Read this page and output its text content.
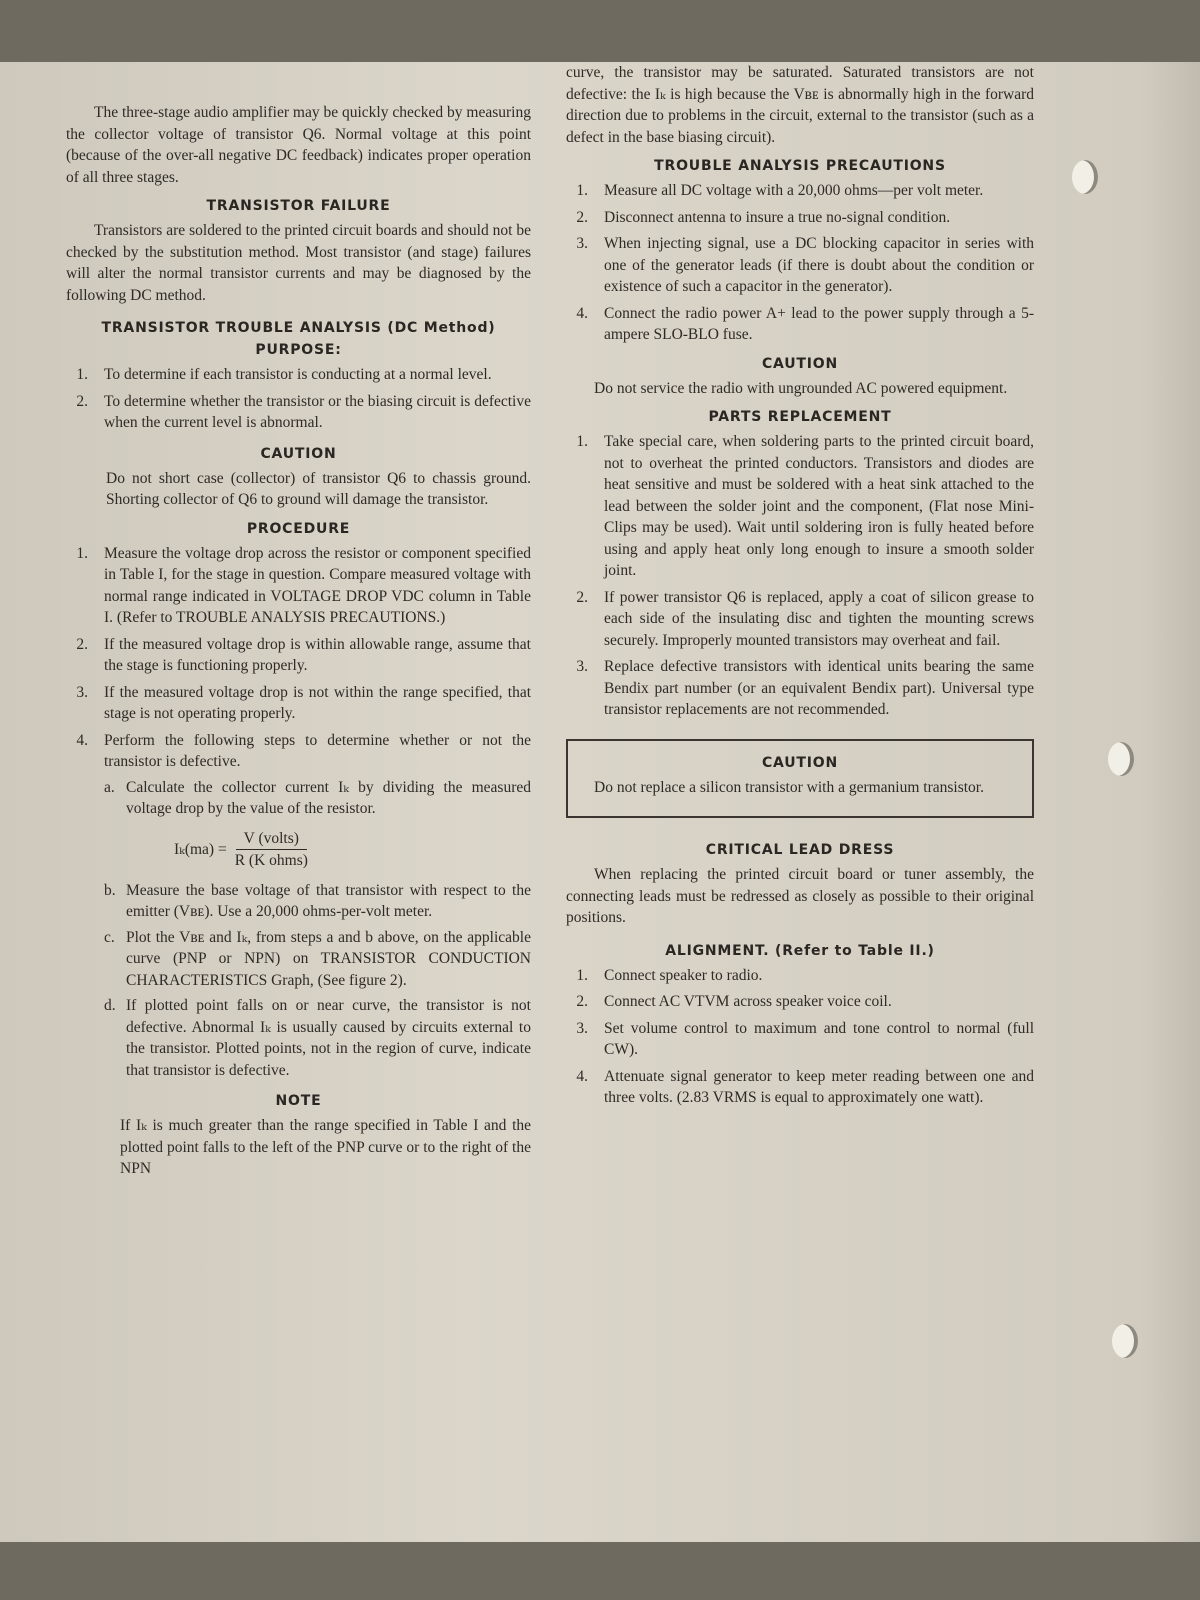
The three-stage audio amplifier may be quickly checked by measuring the collector voltage of transistor Q6. Normal voltage at this point (because of the over-all negative DC feedback) indicates proper operation of all three stages.

TRANSISTOR FAILURE

Transistors are soldered to the printed circuit boards and should not be checked by the substitution method. Most transistor (and stage) failures will alter the normal transistor currents and may be diagnosed by the following DC method.

TRANSISTOR TROUBLE ANALYSIS (DC Method)
PURPOSE:
1. To determine if each transistor is conducting at a normal level.
2. To determine whether the transistor or the biasing circuit is defective when the current level is abnormal.
CAUTION

Do not short case (collector) of transistor Q6 to chassis ground. Shorting collector of Q6 to ground will damage the transistor.

PROCEDURE
1. Measure the voltage drop across the resistor or component specified in Table I, for the stage in question. Compare measured voltage with normal range indicated in VOLTAGE DROP VDC column in Table I. (Refer to TROUBLE ANALYSIS PRECAUTIONS.)
2. If the measured voltage drop is within allowable range, assume that the stage is functioning properly.
3. If the measured voltage drop is not within the range specified, that stage is not operating properly.
4. Perform the following steps to determine whether or not the transistor is defective.
a. Calculate the collector current Iₖ by dividing the measured voltage drop by the value of the resistor.
$I_k(ma) = \frac{\text{V (volts)}}{\text{R (K ohms)}}$
b. Measure the base voltage of that transistor with respect to the emitter (Vʙᴇ). Use a 20,000 ohms-per-volt meter.
c. Plot the Vʙᴇ and Iₖ, from steps a and b above, on the applicable curve (PNP or NPN) on TRANSISTOR CONDUCTION CHARACTERISTICS Graph, (See figure 2).
d. If plotted point falls on or near curve, the transistor is not defective. Abnormal Iₖ is usually caused by circuits external to the transistor. Plotted points, not in the region of curve, indicate that transistor is defective.
NOTE

If Iₖ is much greater than the range specified in Table I and the plotted point falls to the left of the PNP curve or to the right of the NPN

curve, the transistor may be saturated. Saturated transistors are not defective: the Iₖ is high because the Vʙᴇ is abnormally high in the forward direction due to problems in the circuit, external to the transistor (such as a defect in the base biasing circuit).

TROUBLE ANALYSIS PRECAUTIONS
1. Measure all DC voltage with a 20,000 ohms—per volt meter.
2. Disconnect antenna to insure a true no-signal condition.
3. When injecting signal, use a DC blocking capacitor in series with one of the generator leads (if there is doubt about the condition or existence of such a capacitor in the generator).
4. Connect the radio power A+ lead to the power supply through a 5-ampere SLO-BLO fuse.
CAUTION

Do not service the radio with ungrounded AC powered equipment.

PARTS REPLACEMENT
1. Take special care, when soldering parts to the printed circuit board, not to overheat the printed conductors. Transistors and diodes are heat sensitive and must be soldered with a heat sink attached to the lead between the solder joint and the component, (Flat nose Mini-Clips may be used). Wait until soldering iron is fully heated before using and apply heat only long enough to insure a smooth solder joint.
2. If power transistor Q6 is replaced, apply a coat of silicon grease to each side of the insulating disc and tighten the mounting screws securely. Improperly mounted transistors may overheat and fail.
3. Replace defective transistors with identical units bearing the same Bendix part number (or an equivalent Bendix part). Universal type transistor replacements are not recommended.
CAUTION

Do not replace a silicon transistor with a germanium transistor.

CRITICAL LEAD DRESS

When replacing the printed circuit board or tuner assembly, the connecting leads must be redressed as closely as possible to their original positions.

ALIGNMENT. (Refer to Table II.)
1. Connect speaker to radio.
2. Connect AC VTVM across speaker voice coil.
3. Set volume control to maximum and tone control to normal (full CW).
4. Attenuate signal generator to keep meter reading between one and three volts. (2.83 VRMS is equal to approximately one watt).
